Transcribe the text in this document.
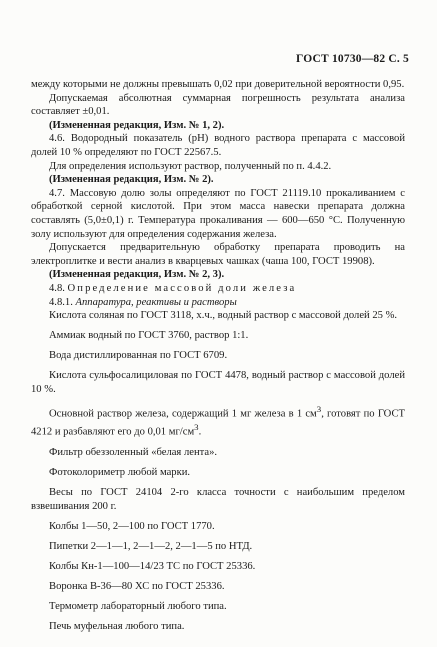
ГОСТ 10730—82 С. 5

между которыми не должны превышать 0,02 при доверительной вероятности 0,95.

Допускаемая абсолютная суммарная погрешность результата анализа составляет ±0,01.

(Измененная редакция, Изм. № 1, 2).

4.6. Водородный показатель (pH) водного раствора препарата с массовой долей 10 % определяют по ГОСТ 22567.5.

Для определения используют раствор, полученный по п. 4.4.2.

(Измененная редакция, Изм. № 2).

4.7. Массовую долю золы определяют по ГОСТ 21119.10 прокаливанием с обработкой серной кислотой. При этом масса навески препарата должна составлять (5,0±0,1) г. Температура прокаливания — 600—650 °С. Полученную золу используют для определения содержания железа.

Допускается предварительную обработку препарата проводить на электроплитке и вести анализ в кварцевых чашках (чаша 100, ГОСТ 19908).

(Измененная редакция, Изм. № 2, 3).

4.8. Определение массовой доли железа

4.8.1. Аппаратура, реактивы и растворы

Кислота соляная по ГОСТ 3118, х.ч., водный раствор с массовой долей 25 %.

Аммиак водный по ГОСТ 3760, раствор 1:1.

Вода дистиллированная по ГОСТ 6709.

Кислота сульфосалициловая по ГОСТ 4478, водный раствор с массовой долей 10 %.

Основной раствор железа, содержащий 1 мг железа в 1 $см^3$, готовят по ГОСТ 4212 и разбавляют его до 0,01 $мг/см^3$.

Фильтр обеззоленный «белая лента».

Фотоколориметр любой марки.

Весы по ГОСТ 24104 2-го класса точности с наибольшим пределом взвешивания 200 г.

Колбы 1—50, 2—100 по ГОСТ 1770.

Пипетки 2—1—1, 2—1—2, 2—1—5 по НТД.

Колбы Кн-1—100—14/23 ТС по ГОСТ 25336.

Воронка В-36—80 ХС по ГОСТ 25336.

Термометр лабораторный любого типа.

Печь муфельная любого типа.
